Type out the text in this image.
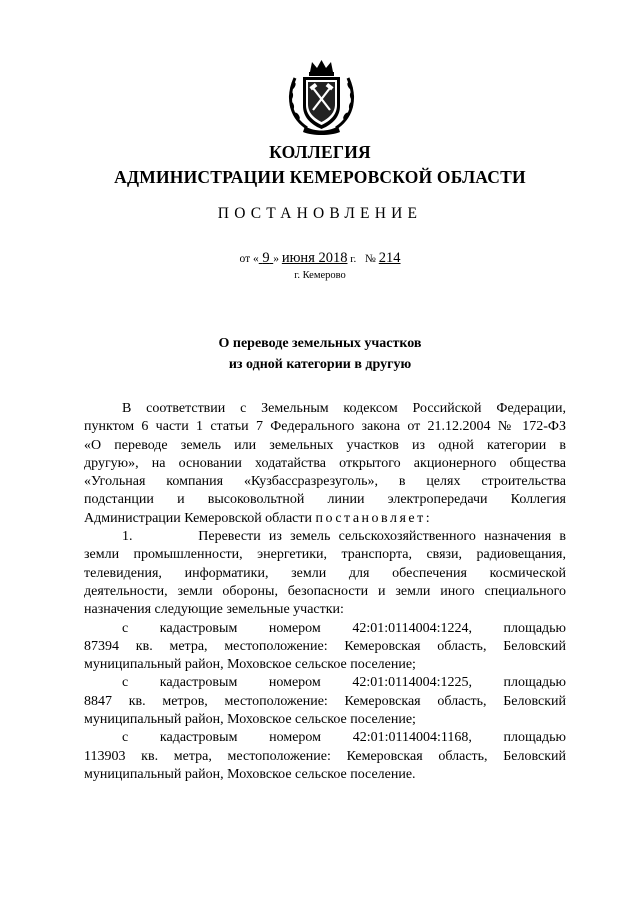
КОЛЛЕГИЯ
АДМИНИСТРАЦИИ КЕМЕРОВСКОЙ ОБЛАСТИ
ПОСТАНОВЛЕНИЕ
от « 9 » июня 2018 г. № 214
г. Кемерово
О переводе земельных участков
из одной категории в другую

В соответствии с Земельным кодексом Российской Федерации,

пунктом 6 части 1 статьи 7 Федерального закона от 21.12.2004 № 172-ФЗ

«О переводе земель или земельных участков из одной категории в

другую», на основании ходатайства открытого акционерного общества

«Угольная компания «Кузбассразрезуголь», в целях строительства

подстанции и высоковольтной линии электропередачи Коллегия

Администрации Кемеровской области постановляет:

1.        Перевести из земель сельскохозяйственного назначения в

земли промышленности, энергетики, транспорта, связи, радиовещания,

телевидения, информатики, земли для обеспечения космической

деятельности, земли обороны, безопасности и земли иного специального

назначения следующие земельные участки:

с кадастровым номером 42:01:0114004:1224, площадью

87394 кв. метра, местоположение: Кемеровская область, Беловский

муниципальный район, Моховское сельское поселение;

с кадастровым номером 42:01:0114004:1225, площадью

8847 кв. метров, местоположение: Кемеровская область, Беловский

муниципальный район, Моховское сельское поселение;

с кадастровым номером 42:01:0114004:1168, площадью

113903 кв. метра, местоположение: Кемеровская область, Беловский

муниципальный район, Моховское сельское поселение.
